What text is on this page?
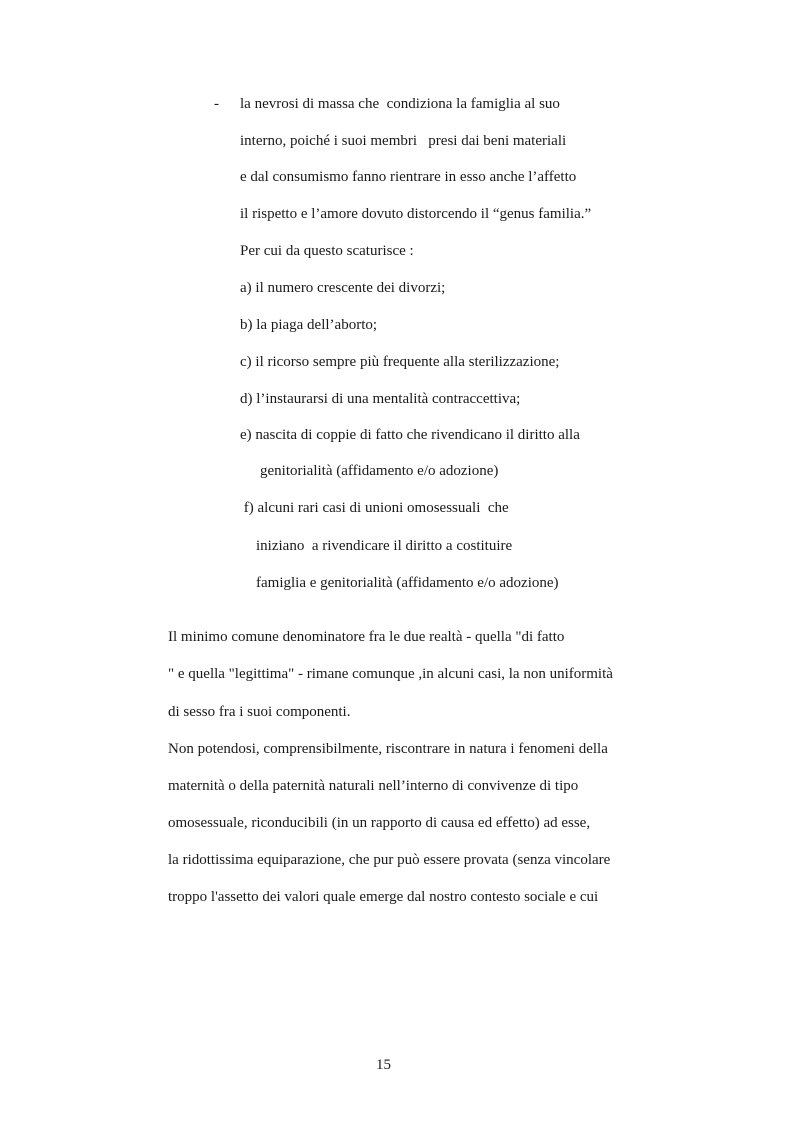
- la nevrosi di massa che  condiziona la famiglia al suo

interno, poiché i suoi membri   presi dai beni materiali

e dal consumismo fanno rientrare in esso anche l’affetto

il rispetto e l’amore dovuto distorcendo il “genus familia.”

Per cui da questo scaturisce :

a) il numero crescente dei divorzi;

b) la piaga dell’aborto;

c) il ricorso sempre più frequente alla sterilizzazione;

d) l’instaurarsi di una mentalità contraccettiva;

e) nascita di coppie di fatto che rivendicano il diritto alla

genitorialità (affidamento e/o adozione)

f) alcuni rari casi di unioni omosessuali  che

iniziano  a rivendicare il diritto a costituire

famiglia e genitorialità (affidamento e/o adozione)

Il minimo comune denominatore fra le due realtà - quella "di fatto

" e quella "legittima" - rimane comunque ,in alcuni casi, la non uniformità

di sesso fra i suoi componenti.

Non potendosi, comprensibilmente, riscontrare in natura i fenomeni della

maternità o della paternità naturali nell’interno di convivenze di tipo

omosessuale, riconducibili (in un rapporto di causa ed effetto) ad esse,

la ridottissima equiparazione, che pur può essere provata (senza vincolare

troppo l'assetto dei valori quale emerge dal nostro contesto sociale e cui

15
